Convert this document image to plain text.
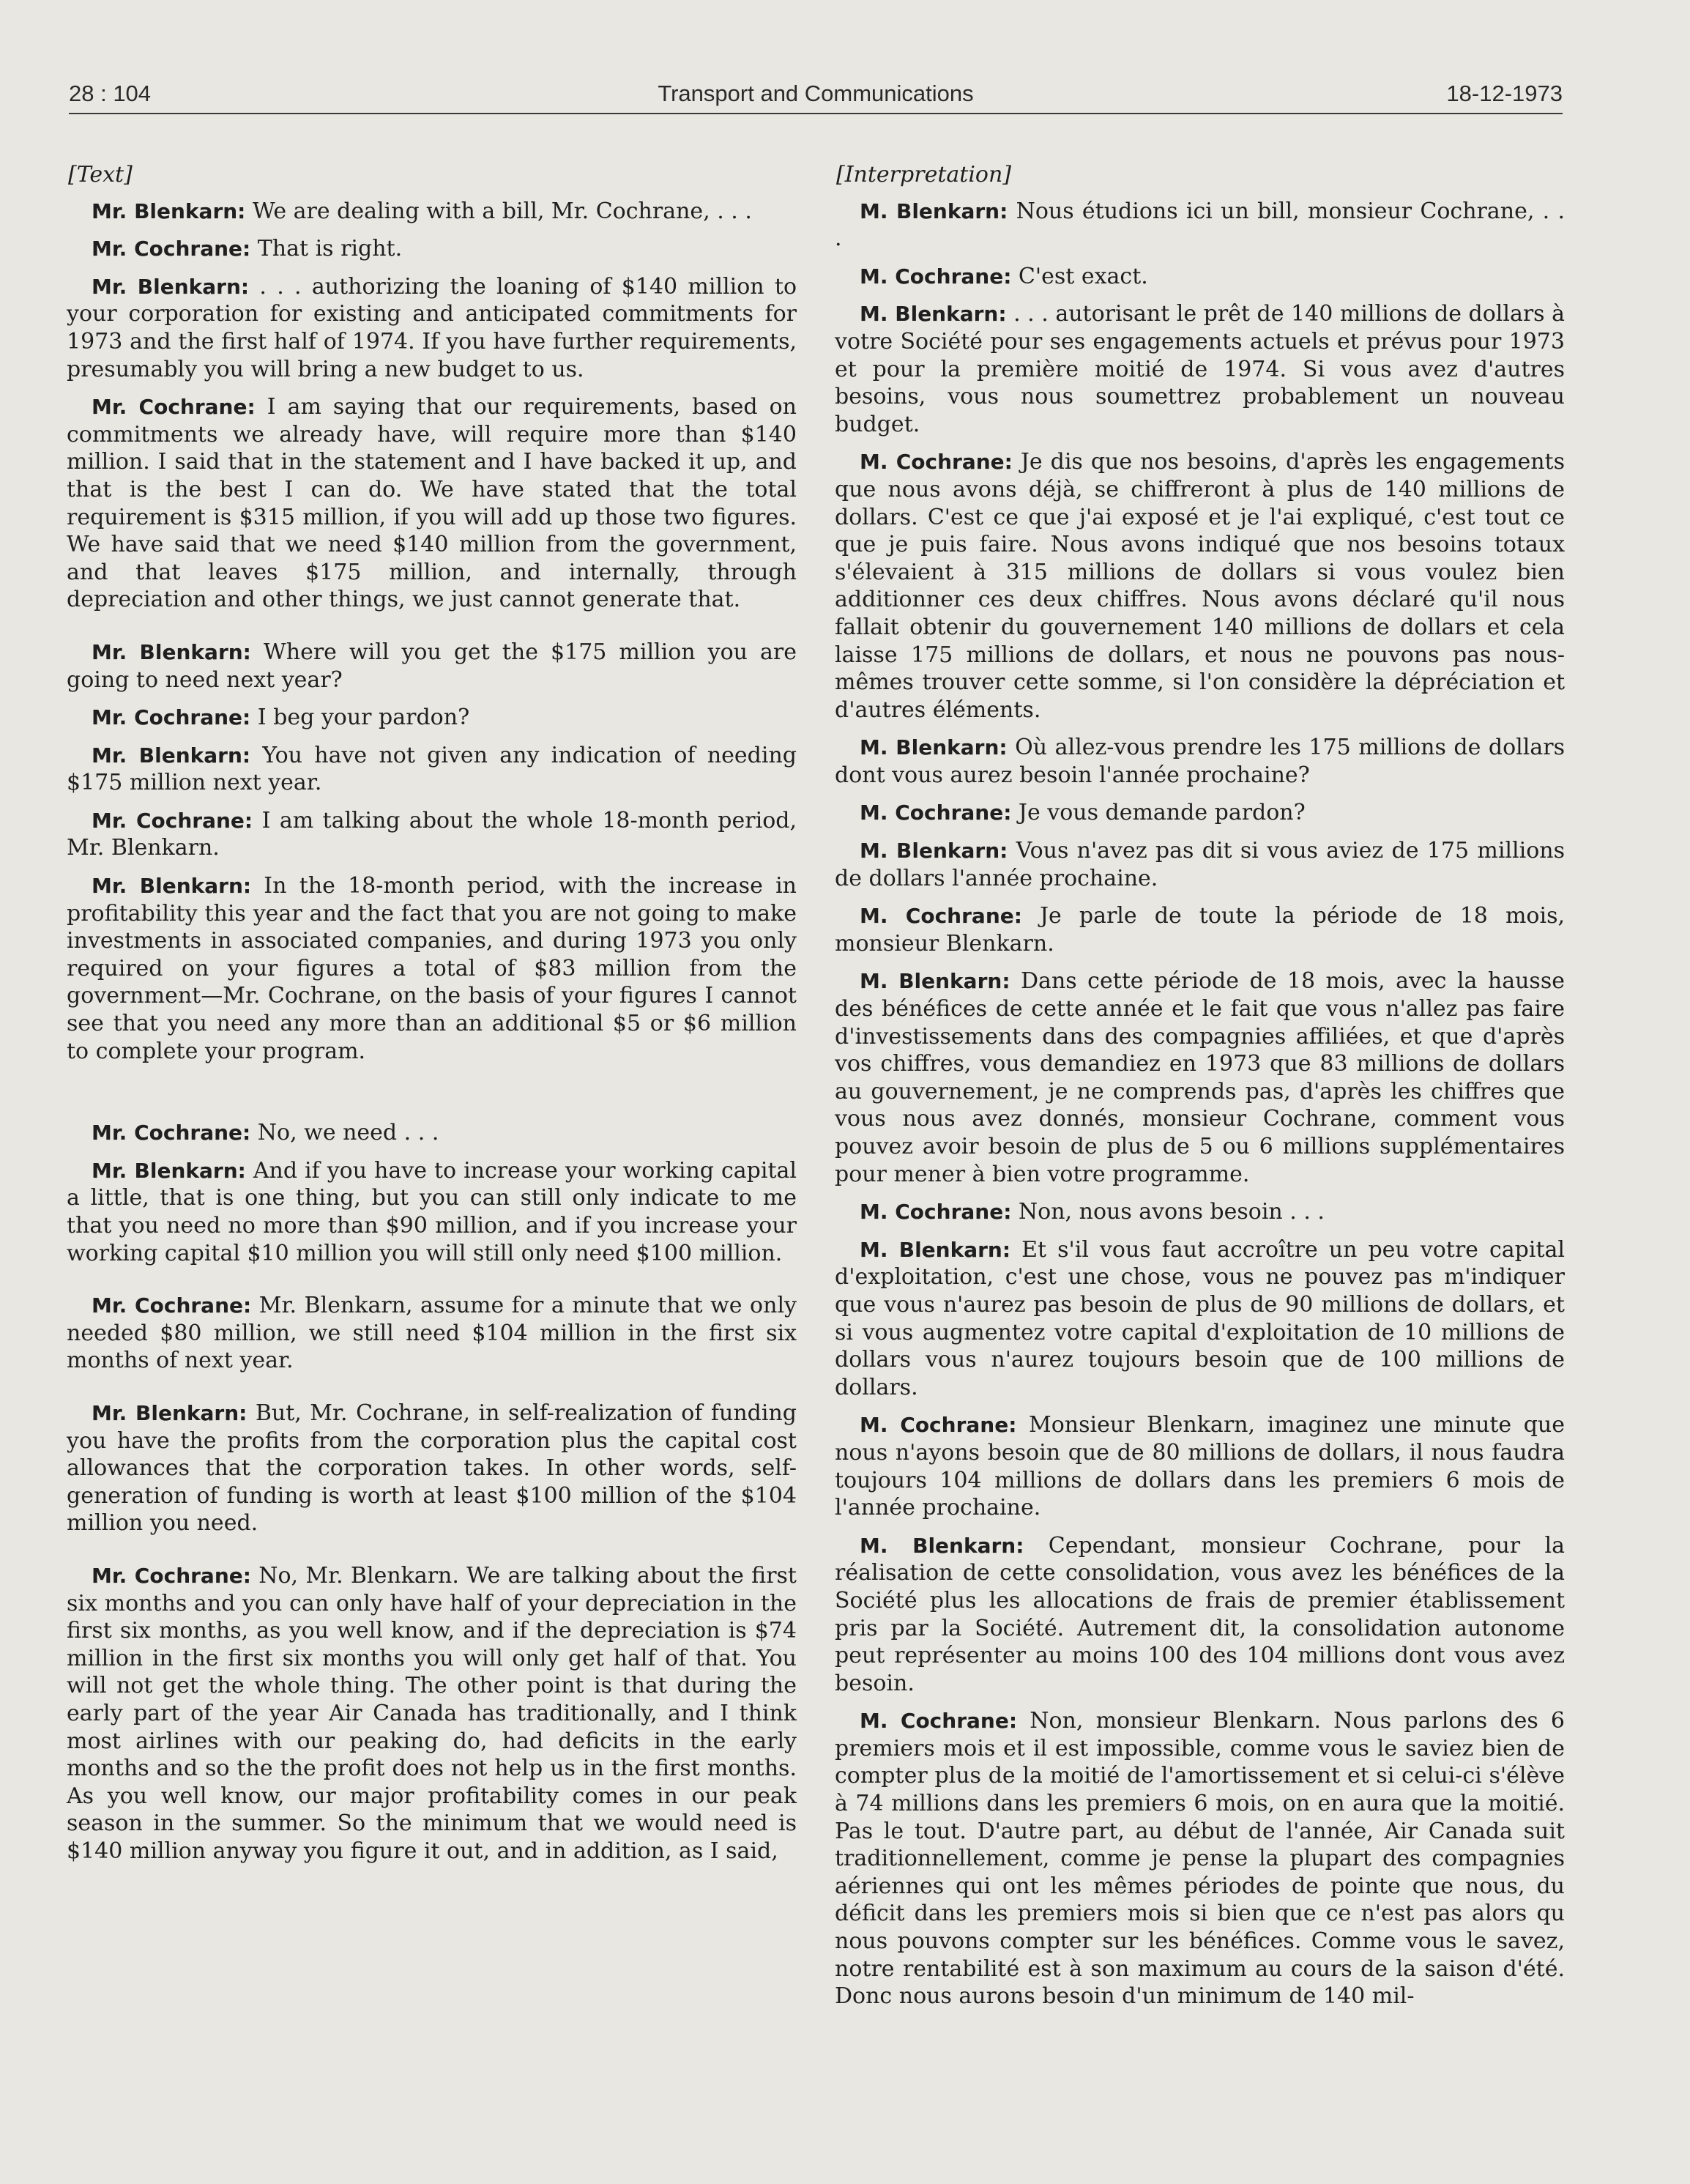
28 : 104	Transport and Communications	18-12-1973
[Text]

Mr. Blenkarn: We are dealing with a bill, Mr. Cochrane, . . .

Mr. Cochrane: That is right.

Mr. Blenkarn: . . . authorizing the loaning of $140 million to your corporation for existing and anticipated commitments for 1973 and the first half of 1974. If you have further requirements, presumably you will bring a new budget to us.

Mr. Cochrane: I am saying that our requirements, based on commitments we already have, will require more than $140 million. I said that in the statement and I have backed it up, and that is the best I can do. We have stated that the total requirement is $315 million, if you will add up those two figures. We have said that we need $140 million from the government, and that leaves $175 million, and internally, through depreciation and other things, we just cannot generate that.

Mr. Blenkarn: Where will you get the $175 million you are going to need next year?

Mr. Cochrane: I beg your pardon?

Mr. Blenkarn: You have not given any indication of needing $175 million next year.

Mr. Cochrane: I am talking about the whole 18-month period, Mr. Blenkarn.

Mr. Blenkarn: In the 18-month period, with the increase in profitability this year and the fact that you are not going to make investments in associated companies, and during 1973 you only required on your figures a total of $83 million from the government—Mr. Cochrane, on the basis of your figures I cannot see that you need any more than an additional $5 or $6 million to complete your program.

Mr. Cochrane: No, we need . . .

Mr. Blenkarn: And if you have to increase your working capital a little, that is one thing, but you can still only indicate to me that you need no more than $90 million, and if you increase your working capital $10 million you will still only need $100 million.

Mr. Cochrane: Mr. Blenkarn, assume for a minute that we only needed $80 million, we still need $104 million in the first six months of next year.

Mr. Blenkarn: But, Mr. Cochrane, in self-realization of funding you have the profits from the corporation plus the capital cost allowances that the corporation takes. In other words, self-generation of funding is worth at least $100 million of the $104 million you need.

Mr. Cochrane: No, Mr. Blenkarn. We are talking about the first six months and you can only have half of your depreciation in the first six months, as you well know, and if the depreciation is $74 million in the first six months you will only get half of that. You will not get the whole thing. The other point is that during the early part of the year Air Canada has traditionally, and I think most airlines with our peaking do, had deficits in the early months and so the the profit does not help us in the first months. As you well know, our major profitability comes in our peak season in the summer. So the minimum that we would need is $140 million anyway you figure it out, and in addition, as I said,

[Interpretation]

M. Blenkarn: Nous étudions ici un bill, monsieur Cochrane, . . .

M. Cochrane: C'est exact.

M. Blenkarn: . . . autorisant le prêt de 140 millions de dollars à votre Société pour ses engagements actuels et prévus pour 1973 et pour la première moitié de 1974. Si vous avez d'autres besoins, vous nous soumettrez probablement un nouveau budget.

M. Cochrane: Je dis que nos besoins, d'après les engagements que nous avons déjà, se chiffreront à plus de 140 millions de dollars. C'est ce que j'ai exposé et je l'ai expliqué, c'est tout ce que je puis faire. Nous avons indiqué que nos besoins totaux s'élevaient à 315 millions de dollars si vous voulez bien additionner ces deux chiffres. Nous avons déclaré qu'il nous fallait obtenir du gouvernement 140 millions de dollars et cela laisse 175 millions de dollars, et nous ne pouvons pas nous-mêmes trouver cette somme, si l'on considère la dépréciation et d'autres éléments.

M. Blenkarn: Où allez-vous prendre les 175 millions de dollars dont vous aurez besoin l'année prochaine?

M. Cochrane: Je vous demande pardon?

M. Blenkarn: Vous n'avez pas dit si vous aviez de 175 millions de dollars l'année prochaine.

M. Cochrane: Je parle de toute la période de 18 mois, monsieur Blenkarn.

M. Blenkarn: Dans cette période de 18 mois, avec la hausse des bénéfices de cette année et le fait que vous n'allez pas faire d'investissements dans des compagnies affiliées, et que d'après vos chiffres, vous demandiez en 1973 que 83 millions de dollars au gouvernement, je ne comprends pas, d'après les chiffres que vous nous avez donnés, monsieur Cochrane, comment vous pouvez avoir besoin de plus de 5 ou 6 millions supplémentaires pour mener à bien votre programme.

M. Cochrane: Non, nous avons besoin . . .

M. Blenkarn: Et s'il vous faut accroître un peu votre capital d'exploitation, c'est une chose, vous ne pouvez pas m'indiquer que vous n'aurez pas besoin de plus de 90 millions de dollars, et si vous augmentez votre capital d'exploitation de 10 millions de dollars vous n'aurez toujours besoin que de 100 millions de dollars.

M. Cochrane: Monsieur Blenkarn, imaginez une minute que nous n'ayons besoin que de 80 millions de dollars, il nous faudra toujours 104 millions de dollars dans les premiers 6 mois de l'année prochaine.

M. Blenkarn: Cependant, monsieur Cochrane, pour la réalisation de cette consolidation, vous avez les bénéfices de la Société plus les allocations de frais de premier établissement pris par la Société. Autrement dit, la consolidation autonome peut représenter au moins 100 des 104 millions dont vous avez besoin.

M. Cochrane: Non, monsieur Blenkarn. Nous parlons des 6 premiers mois et il est impossible, comme vous le saviez bien de compter plus de la moitié de l'amortissement et si celui-ci s'élève à 74 millions dans les premiers 6 mois, on en aura que la moitié. Pas le tout. D'autre part, au début de l'année, Air Canada suit traditionnellement, comme je pense la plupart des compagnies aériennes qui ont les mêmes périodes de pointe que nous, du déficit dans les premiers mois si bien que ce n'est pas alors qu nous pouvons compter sur les bénéfices. Comme vous le savez, notre rentabilité est à son maximum au cours de la saison d'été. Donc nous aurons besoin d'un minimum de 140 mil-
